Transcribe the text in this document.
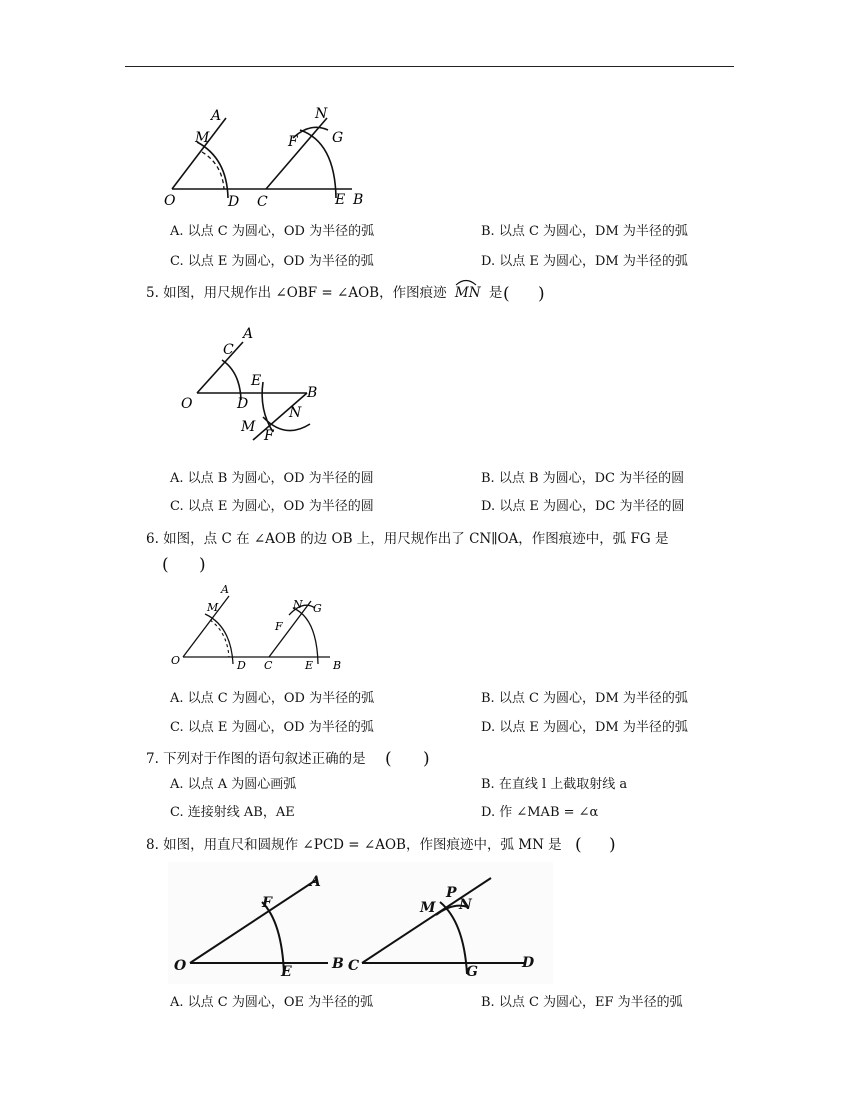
A
M
O	D C
N
G
F
E B
A. 以点 C 为圆心，OD 为半径的弧	B. 以点 C 为圆心，DM 为半径的弧
C. 以点 E 为圆心，OD 为半径的弧	D. 以点 E 为圆心，DM 为半径的弧
5. 如图，用尺规作出 ∠OBF = ∠AOB，作图痕迹 MN 是 ( )
A
C
O	D
E
B
N
M
F
A. 以点 B 为圆心，OD 为半径的圆	B. 以点 B 为圆心，DC 为半径的圆
C. 以点 E 为圆心，OD 为半径的圆	D. 以点 E 为圆心，DC 为半径的圆
6. 如图，点 C 在 ∠AOB 的边 OB 上，用尺规作出了 CN∥OA，作图痕迹中，弧 FG 是
( )
A
M
O	D C
N G
F
E B
A. 以点 C 为圆心，OD 为半径的弧	B. 以点 C 为圆心，DM 为半径的弧
C. 以点 E 为圆心，OD 为半径的弧	D. 以点 E 为圆心，DM 为半径的弧
7. 下列对于作图的语句叙述正确的是 ( )
A. 以点 A 为圆心画弧	B. 在直线 l 上截取射线 a
C. 连接射线 AB，AE	D. 作 ∠MAB = ∠α
8. 如图，用直尺和圆规作 ∠PCD = ∠AOB，作图痕迹中，弧 MN 是 ( )
A
F
O	E	B
M
P
N
C	G
D
A. 以点 C 为圆心，OE 为半径的弧	B. 以点 C 为圆心，EF 为半径的弧
